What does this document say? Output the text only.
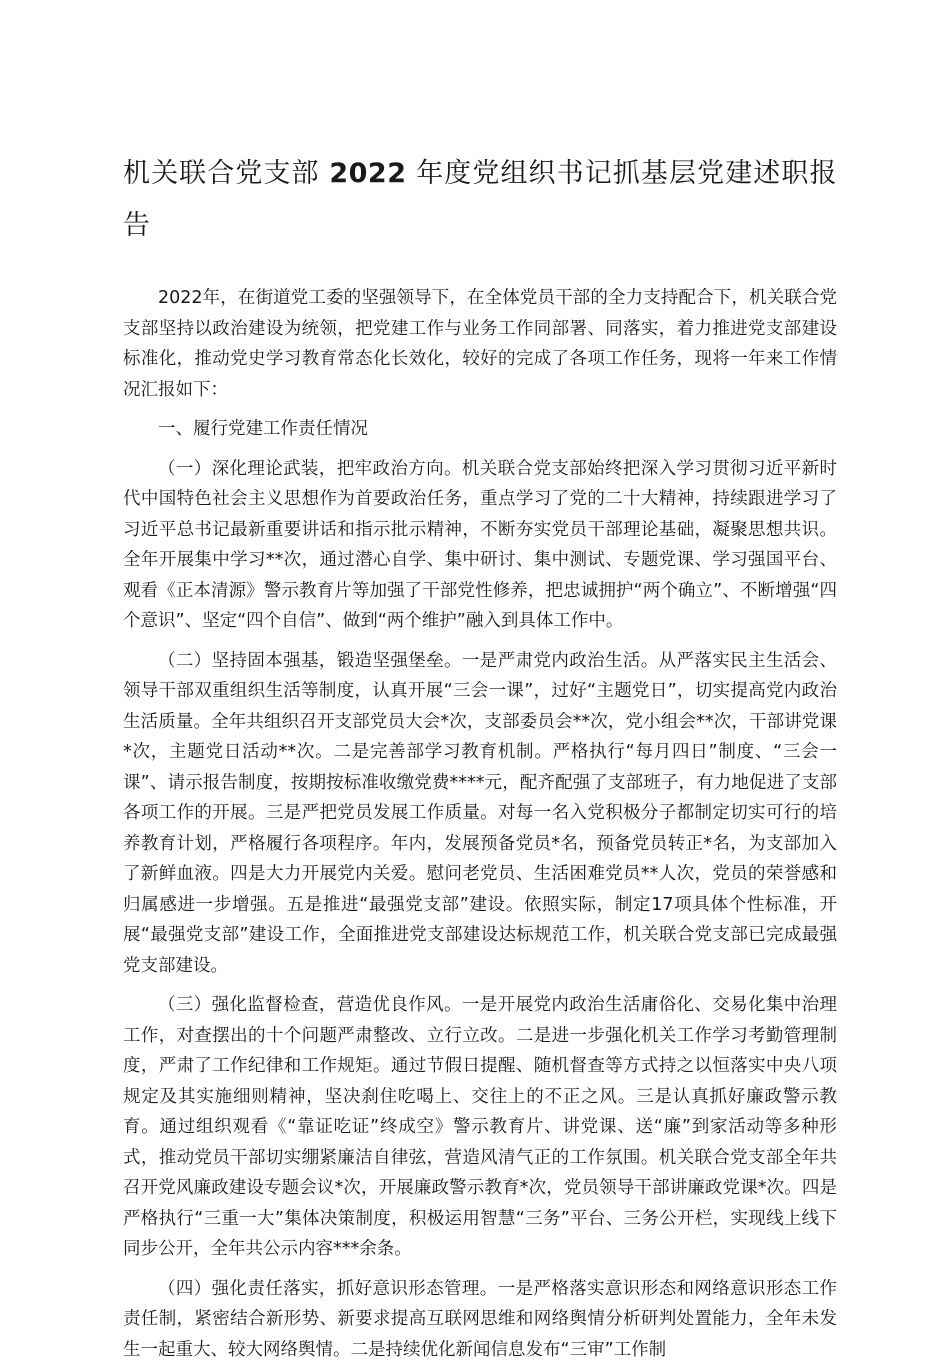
机关联合党支部 2022 年度党组织书记抓基层党建述职报告

2022年，在街道党工委的坚强领导下，在全体党员干部的全力支持配合下，机关联合党支部坚持以政治建设为统领，把党建工作与业务工作同部署、同落实，着力推进党支部建设标准化，推动党史学习教育常态化长效化，较好的完成了各项工作任务，现将一年来工作情况汇报如下：

一、履行党建工作责任情况

（一）深化理论武装，把牢政治方向。机关联合党支部始终把深入学习贯彻习近平新时代中国特色社会主义思想作为首要政治任务，重点学习了党的二十大精神，持续跟进学习了习近平总书记最新重要讲话和指示批示精神，不断夯实党员干部理论基础，凝聚思想共识。全年开展集中学习**次，通过潜心自学、集中研讨、集中测试、专题党课、学习强国平台、观看《正本清源》警示教育片等加强了干部党性修养，把忠诚拥护“两个确立”、不断增强“四个意识”、坚定“四个自信”、做到“两个维护”融入到具体工作中。

（二）坚持固本强基，锻造坚强堡垒。一是严肃党内政治生活。从严落实民主生活会、领导干部双重组织生活等制度，认真开展“三会一课”，过好“主题党日”，切实提高党内政治生活质量。全年共组织召开支部党员大会*次，支部委员会**次，党小组会**次，干部讲党课*次，主题党日活动**次。二是完善部学习教育机制。严格执行“每月四日”制度、“三会一课”、请示报告制度，按期按标准收缴党费****元，配齐配强了支部班子，有力地促进了支部各项工作的开展。三是严把党员发展工作质量。对每一名入党积极分子都制定切实可行的培养教育计划，严格履行各项程序。年内，发展预备党员*名，预备党员转正*名，为支部加入了新鲜血液。四是大力开展党内关爱。慰问老党员、生活困难党员**人次，党员的荣誉感和归属感进一步增强。五是推进“最强党支部”建设。依照实际，制定17项具体个性标准，开展“最强党支部”建设工作，全面推进党支部建设达标规范工作，机关联合党支部已完成最强党支部建设。

（三）强化监督检查，营造优良作风。一是开展党内政治生活庸俗化、交易化集中治理工作，对查摆出的十个问题严肃整改、立行立改。二是进一步强化机关工作学习考勤管理制度，严肃了工作纪律和工作规矩。通过节假日提醒、随机督查等方式持之以恒落实中央八项规定及其实施细则精神，坚决刹住吃喝上、交往上的不正之风。三是认真抓好廉政警示教育。通过组织观看《“靠证吃证”终成空》警示教育片、讲党课、送“廉”到家活动等多种形式，推动党员干部切实绷紧廉洁自律弦，营造风清气正的工作氛围。机关联合党支部全年共召开党风廉政建设专题会议*次，开展廉政警示教育*次，党员领导干部讲廉政党课*次。四是严格执行“三重一大”集体决策制度，积极运用智慧“三务”平台、三务公开栏，实现线上线下同步公开，全年共公示内容***余条。

（四）强化责任落实，抓好意识形态管理。一是严格落实意识形态和网络意识形态工作责任制，紧密结合新形势、新要求提高互联网思维和网络舆情分析研判处置能力，全年未发生一起重大、较大网络舆情。二是持续优化新闻信息发布“三审”工作制
